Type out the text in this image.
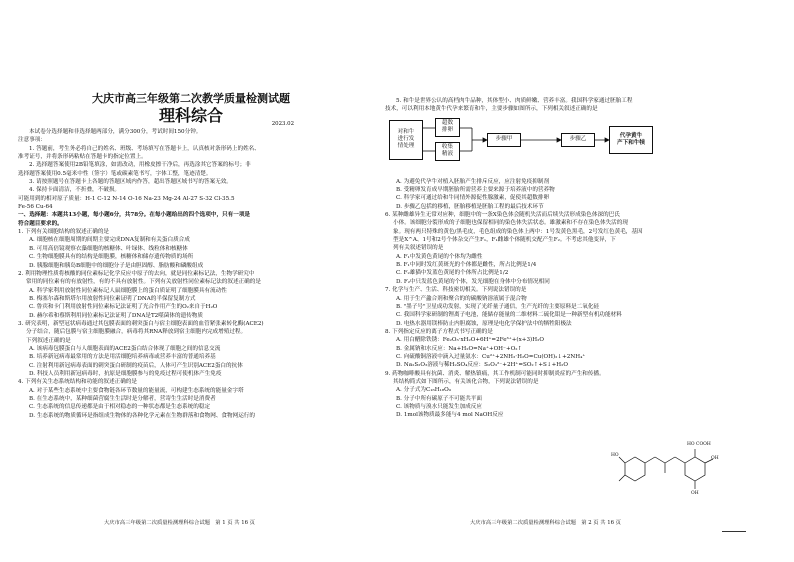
大庆市高三年级第二次教学质量检测试题
理科综合	2023.02
本试卷分选择题和非选择题两部分，满分300分，考试时间150分钟。
注意事项：
1. 答题前，考生务必将自己的姓名、班级、考场填写在答题卡上，认真核对条形码上的姓名、
准考证号，并将条形码粘贴在答题卡的指定位置上。
2. 选择题答案使用2B铅笔填涂，如需改动，用橡皮擦干净后，再选涂其它答案的标号；非
选择题答案使用0.5毫米中性（签字）笔或碳素笔书写，字体工整，笔迹清楚。
3. 请按照题号在答题卡上各题的答题区域内作答，超出答题区域书写的答案无效。
4. 保持卡面清洁，不折叠，不破损。
可能用到的相对原子质量：H-1 C-12 N-14 O-16 Na-23 Mg-24 Al-27 S-32 Cl-35.5
Fe-56 Cu-64
一、选择题：本题共13小题，每小题6分，共78分。在每小题给出的四个选项中，只有一项是
符合题目要求的。
1. 下列有关细胞结构的叙述正确的是
A. 细胞核在细胞周期的间期主要完成DNA复制和有关蛋白质合成
B. 可用高倍镜观察衣藻细胞的核糖体、叶绿体、线粒体和核糖体
C. 生物细胞膜具有的结构是细胞膜，核糖体和储存遗传物质的场所
D. 胰腺细胞和胰岛B细胞中的细胞分子是由胆固醇、脂肪酸和磷酸组成
2. 利用物理性质将核酸的同位素标记化学反应中原子的去向，就是同位素标记法，生物学研究中
常用的同位素有的有放射性，有的不具有放射性。下列有关放射性同位素标记法的叙述正确的是
A. 科学家利用放射性同位素标记人鼠细胞膜上的蛋白质证明了细胞膜具有流动性
B. 梅塞尔森和斯塔尔用放射性同位素证明了DNA的半保留复制方式
C. 鲁宾和卡门利用放射性同位素标记法证明了光合作用产生的O₂来自于H₂O
D. 赫尔希和蔡斯利用同位素标记法证明了DNA是T2噬菌体的遗传物质
3. 研究表明，新型冠状病毒通过其包膜表面的刺突蛋白与宿主细胞表面的血管紧张素转化酶(ACE2)
分子结合，随后包膜与宿主细胞膜融合，病毒将其RNA释放到宿主细胞内完成增殖过程。
下列叙述正确的是
A. 该病毒包膜蛋白与人细胞表面的ACE2蛋白结合体现了细胞之间的信息交流
B. 培养新冠病毒最常用的方法是用活细胞培养病毒或营养丰富的普通培养基
C. 注射利用新冠病毒表面的刺突蛋白研制的疫苗后，人体可产生识别ACE2蛋白的抗体
D. 科技人员利用新冠病毒时，抗原是细胞膜参与的免疫过程可使机体产生免疫
4. 下列有关生态系统结构和功能的叙述正确的是
A. 对于某些生态系统中主要食物链各环节数量的能量流，可构建生态系统的能量金字塔
B. 在生态系统中，某种细菌营腐生生活时是分解者，营寄生生活时是消费者
C. 生态系统的信息传递都是由于相对稳态的一种状态都是生态系统的稳定
D. 生态系统的物质循环是指组成生物体的各种化学元素在生物群落和食物网、食物网运行的
大庆市高三年级第二次质量检测理科综合试题　第 1 页 共 16 页
5. 和牛是世界公认的高档肉牛品种，其体型小、肉质鲜嫩、营养丰富。我国科学家通过胚胎工程
技术，可以利用本地黄牛代孕来繁育和牛，主要步骤如图所示，下列相关叙述正确的是
对和牛
进行发
情处理
超数
排卵
收集
精液
步骤甲	步骤乙
代孕黄牛
产下和牛犊
A. 为避免代孕牛对植入胚胎产生排斥反应，应注射免疫抑制剂
B. 受精卵发育成早期胚胎所需营养主要来源于培养液中的营养物
C. 科学家可通过给和牛同情外源促性腺激素，促使其超数排卵
D. 步骤乙包括的移植，胚胎移植是胚胎工程的最后技术环节
6. 某种雌雄异生无常对应种，细胞中的一条X染色体会随机失活而后续失活形成染色体深的巴氏
小体。该细胞分裂形成的子细胞也保留相同的染色体失活状态。雄激素和不存在染色体失活的现
象。现有两只特殊的黄色/黑毛皮，毛色组成的染色体上两中：1号发黄色黑毛，2号发红色黄毛，基因
型是X^A、1号和2号个体杂交产生F₁，F₁雌雄个体随机交配产生F₂。不考虑其他变异，下
列有关叙述错误的是
A. F₁中发黄色黄尾的个体均为雌性
B. F₁中同时发红黄斑光的个体都是雌性，所占比例是1/4
C. F₂雄猫中发蓝色黄尾的个体所占比例是1/2
D. F₂中只发蓝色黄尾的个体，发光细胞在身体中分布情况相同
7. 化学与生产、生活、科技密切相关。下列说法错误的是
A. 用于生产蠡合剂和聚合的的碳酸钠溶液属于混合物
B. "墨子号"卫星成功发射，实现了光纤量子通信，生产光纤的主要原料是二氧化硅
C. 我国科学家研制的锂离子电池，能储存能量的二维材料二硫化钼是一种新型有机功能材料
D. 电热水器用镁棒防止内胆腐蚀，原理是电化学保护法中的牺牲阳极法
8. 下列指定反应的离子方程式书写正确的是
A. 用白醋除铁锈：Fe₂O₃·xH₂O+6H⁺=2Fe³⁺+(x+3)H₂O
B. 金属钠和水反应：Na+H₂O=Na⁺+OH⁻+O₂↑
C. 向硫酸铜溶液中滴入过量氨水：Cu²⁺+2NH₃·H₂O=Cu(OH)₂↓+2NH₄⁺
D. Na₂S₂O₃溶液与稀H₂SO₄反应：S₂O₃²⁻+2H⁺=SO₂↑+S↓+H₂O
9. 药物咖啡酸具有抗菌、消炎、解热镇痛，其工作机制可能同时抑制炎症的产生和传播。
其结构简式如下图所示，有关该化合物，下列说法错误的是
A. 分子式为C₁₆H₁₈O₉
B. 分子中所有碳原子不可能共平面
C. 该物质与溴水只能发生加成反应
D. 1mol该物质最多能与4 mol NaOH反应
HO COOH
OH
HO
OH
大庆市高三年级第二次质量检测理科综合试题　第 2 页 共 16 页
